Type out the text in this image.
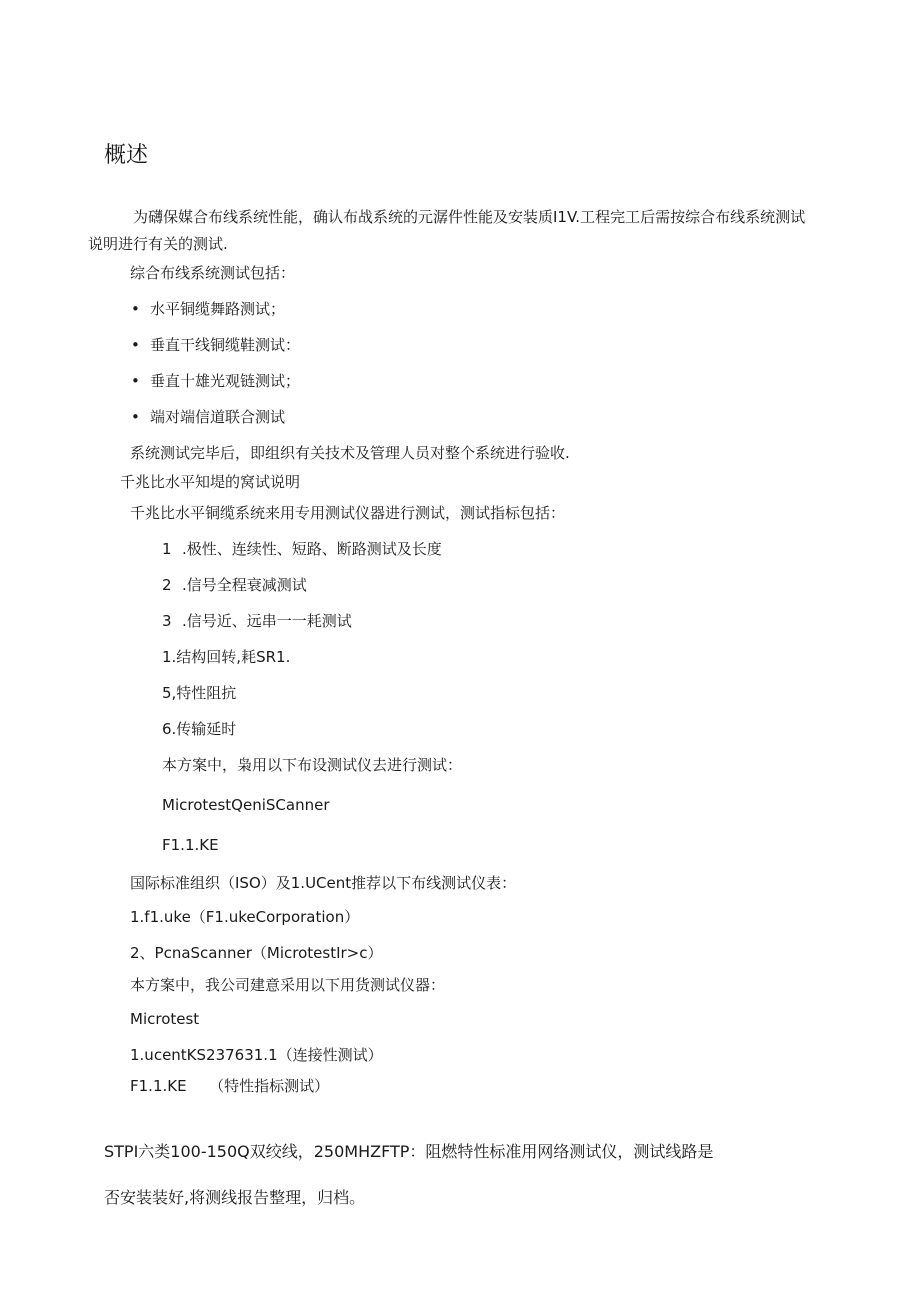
概述
为礴保媒合布线系统性能，确认布战系统的元潺件性能及安装质I1V.工程完工后需按综合布线系统测试
说明进行有关的测试.
综合布线系统测试包括：
• 水平铜缆舞路测试；
• 垂直干线铜缆鞋测试：
• 垂直十雄光观链测试；
• 端对端信道联合测试
系统测试完毕后，即组织有关技术及管理人员对整个系统进行验收.
千兆比水平知堤的窝试说明
千兆比水平铜缆系统来用专用测试仪器进行测试，测试指标包括：
1 .极性、连续性、短路、断路测试及长度
2 .信号全程衰减测试
3 .信号近、远串一一耗测试
1.结构回转,耗SR1.
5,特性阻抗
6.传输延时
本方案中，枭用以下布设测试仪去进行测试：
MicrotestQeniSCanner
F1.1.KE
国际标准组织（ISO）及1.UCent推荐以下布线测试仪表：
1.f1.uke（F1.ukeCorporation）
2、PcnaScanner（MicrotestIr>c）
本方案中，我公司建意采用以下用货测试仪器：
Microtest
1.ucentKS237631.1（连接性测试）
F1.1.KE　　（特性指标测试）
STPI六类100-150Q双绞线，250MHZFTP：阻燃特性标准用网络测试仪，测试线路是
否安装装好,将测线报告整理，归档。
